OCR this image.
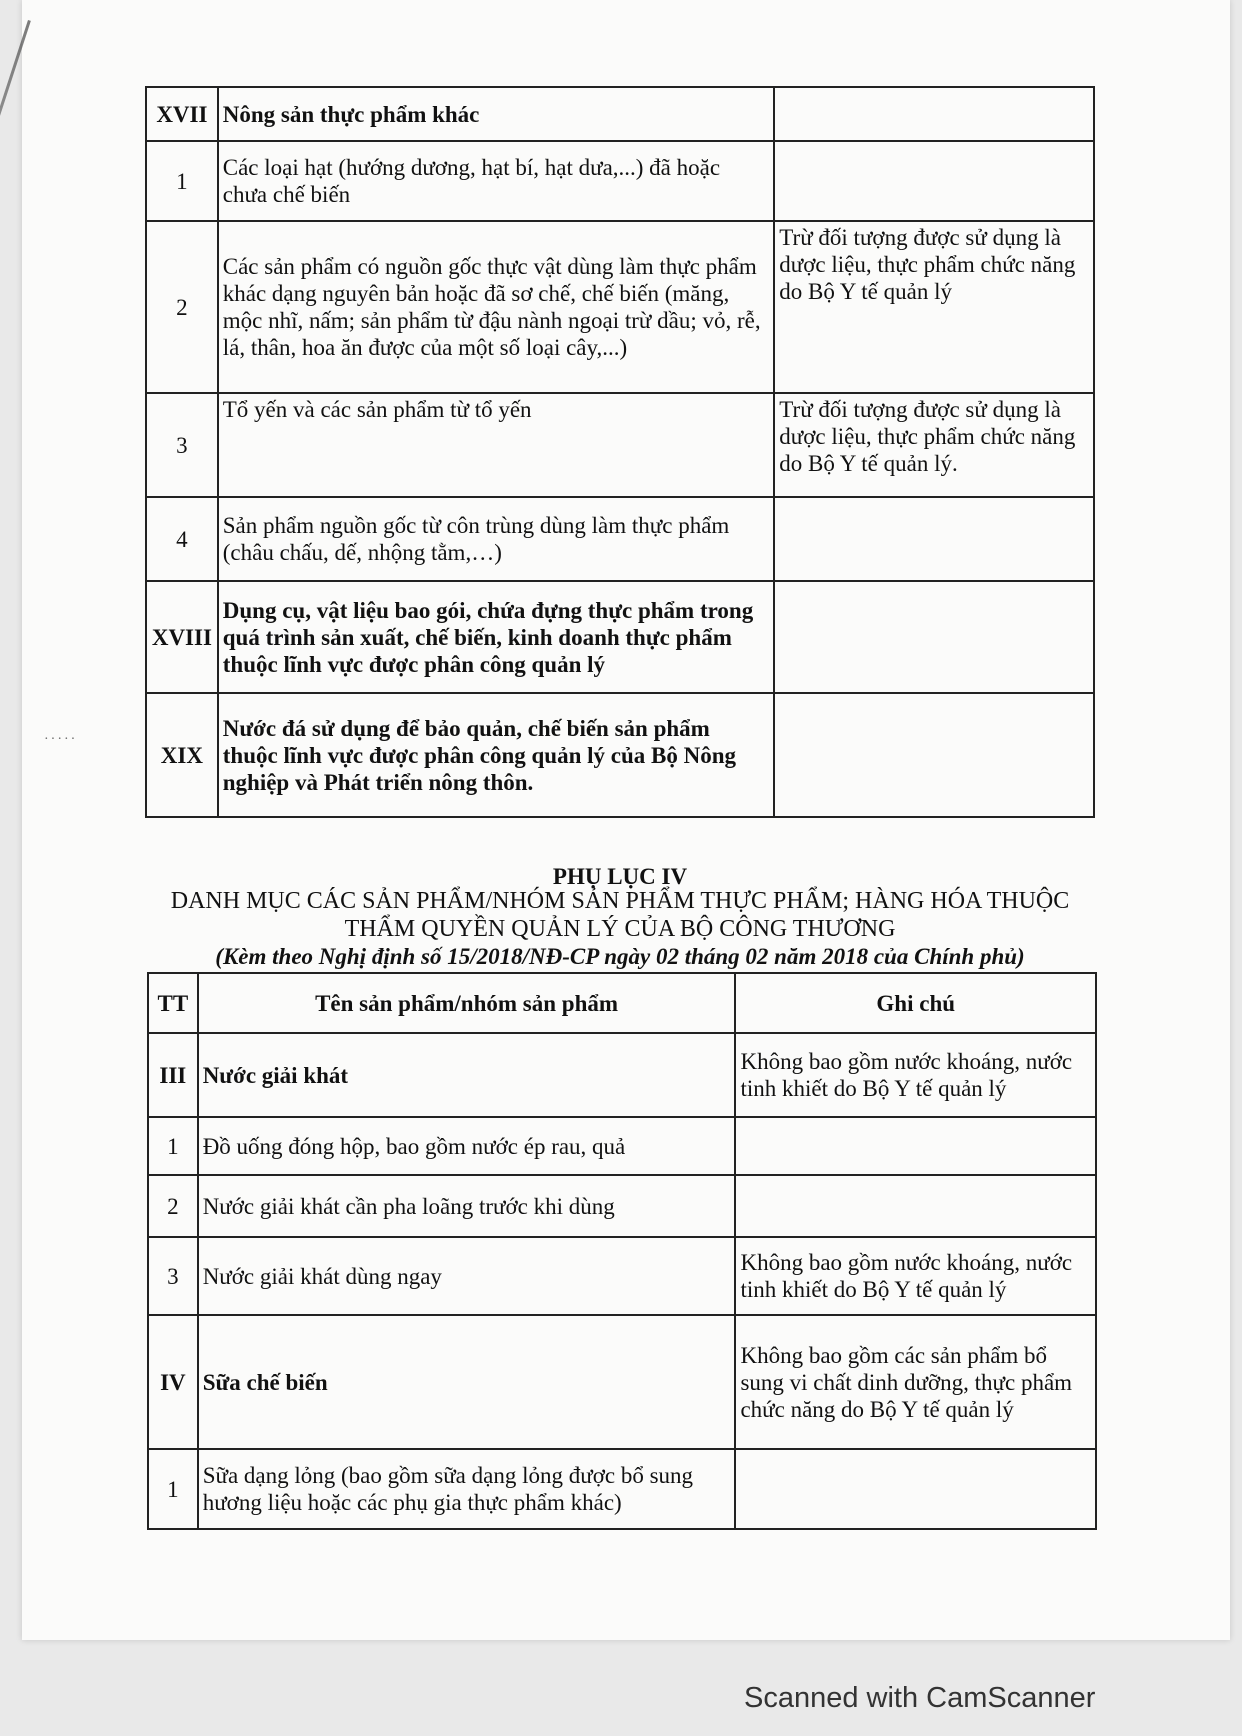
·····
XVII	Nông sản thực phẩm khác	
1	Các loại hạt (hướng dương, hạt bí, hạt dưa,...) đã hoặc chưa chế biến	
2	Các sản phẩm có nguồn gốc thực vật dùng làm thực phẩm khác dạng nguyên bản hoặc đã sơ chế, chế biến (măng, mộc nhĩ, nấm; sản phẩm từ đậu nành ngoại trừ dầu; vỏ, rễ, lá, thân, hoa ăn được của một số loại cây,...)	Trừ đối tượng được sử dụng là dược liệu, thực phẩm chức năng do Bộ Y tế quản lý
3	Tổ yến và các sản phẩm từ tổ yến	Trừ đối tượng được sử dụng là dược liệu, thực phẩm chức năng do Bộ Y tế quản lý.
4	Sản phẩm nguồn gốc từ côn trùng dùng làm thực phẩm (châu chấu, dế, nhộng tằm,…)	
XVIII	Dụng cụ, vật liệu bao gói, chứa đựng thực phẩm trong quá trình sản xuất, chế biến, kinh doanh thực phẩm thuộc lĩnh vực được phân công quản lý	
XIX	Nước đá sử dụng để bảo quản, chế biến sản phẩm thuộc lĩnh vực được phân công quản lý của Bộ Nông nghiệp và Phát triển nông thôn.	
PHỤ LỤC IV
DANH MỤC CÁC SẢN PHẨM/NHÓM SẢN PHẨM THỰC PHẨM; HÀNG HÓA THUỘC
THẨM QUYỀN QUẢN LÝ CỦA BỘ CÔNG THƯƠNG
(Kèm theo Nghị định số 15/2018/NĐ-CP ngày 02 tháng 02 năm 2018 của Chính phủ)
TT	Tên sản phẩm/nhóm sản phẩm	Ghi chú
III	Nước giải khát	Không bao gồm nước khoáng, nước tinh khiết do Bộ Y tế quản lý
1	Đồ uống đóng hộp, bao gồm nước ép rau, quả	
2	Nước giải khát cần pha loãng trước khi dùng	
3	Nước giải khát dùng ngay	Không bao gồm nước khoáng, nước tinh khiết do Bộ Y tế quản lý
IV	Sữa chế biến	Không bao gồm các sản phẩm bổ sung vi chất dinh dưỡng, thực phẩm chức năng do Bộ Y tế quản lý
1	Sữa dạng lỏng (bao gồm sữa dạng lỏng được bổ sung hương liệu hoặc các phụ gia thực phẩm khác)	
Scanned with CamScanner
